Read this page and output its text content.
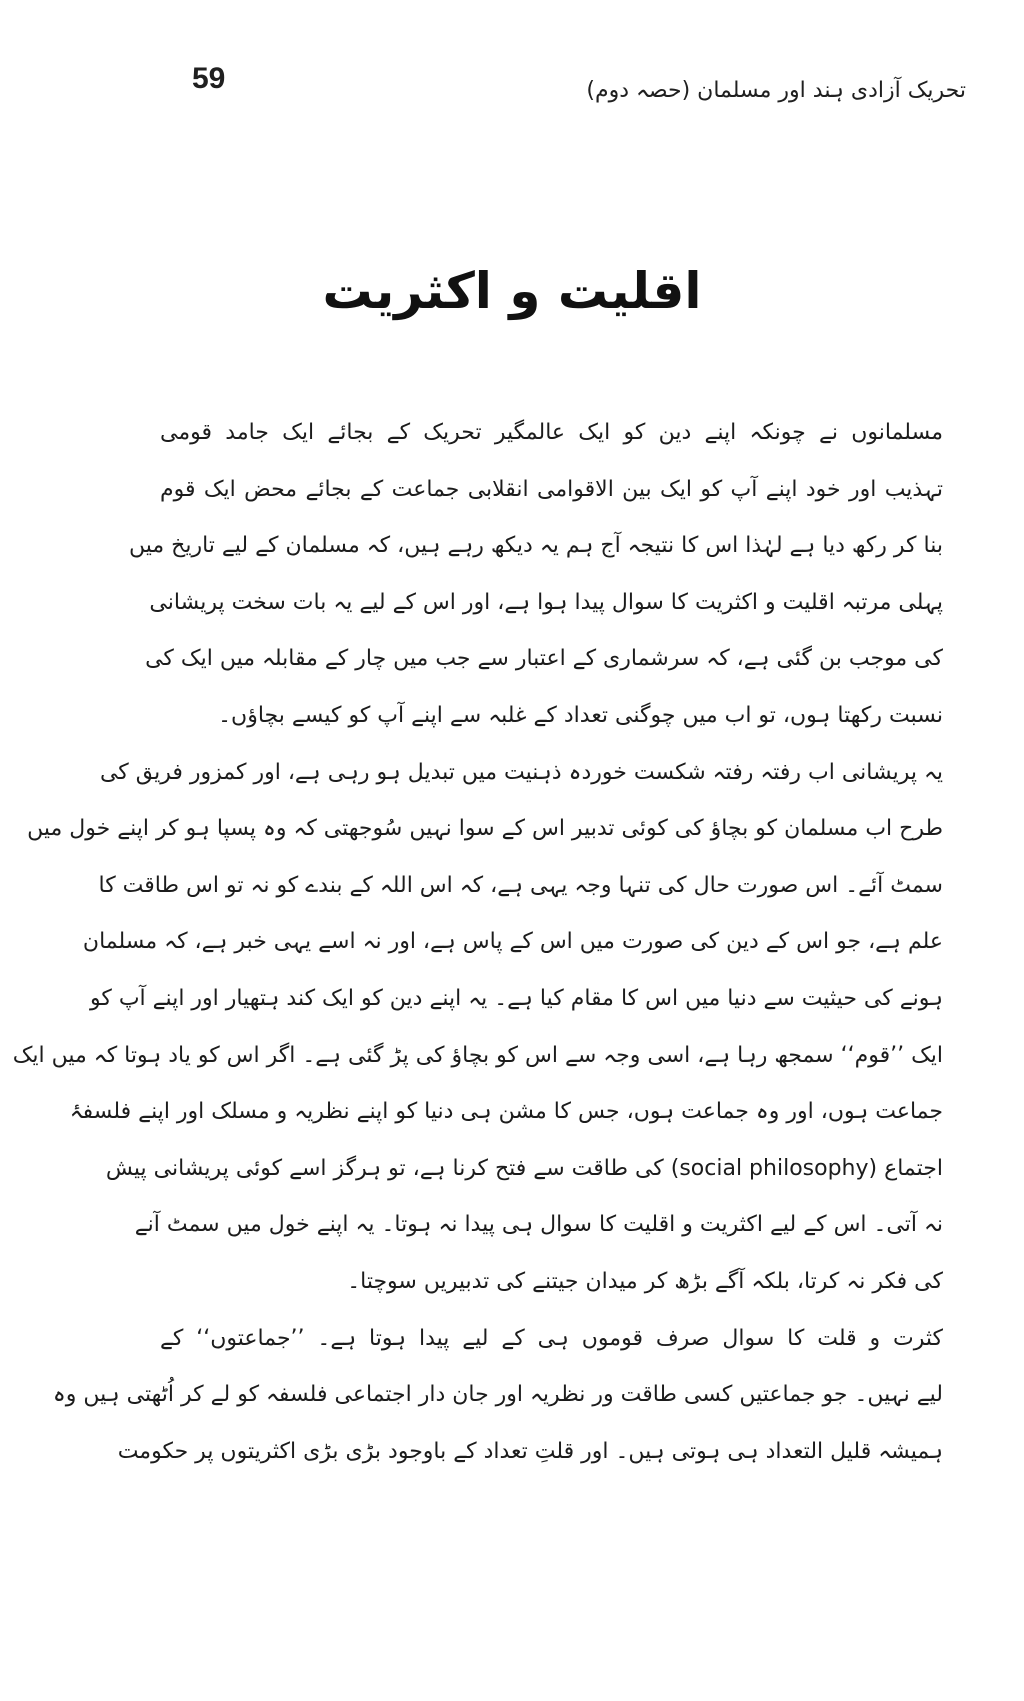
59	تحریک آزادی ہند اور مسلمان (حصہ دوم)
اقلیت و اکثریت
مسلمانوں نے چونکہ اپنے دین کو ایک عالمگیر تحریک کے بجائے ایک جامد قومی
تہذیب اور خود اپنے آپ کو ایک بین الاقوامی انقلابی جماعت کے بجائے محض ایک قوم
بنا کر رکھ دیا ہے لہٰذا اس کا نتیجہ آج ہم یہ دیکھ رہے ہیں، کہ مسلمان کے لیے تاریخ میں
پہلی مرتبہ اقلیت و اکثریت کا سوال پیدا ہوا ہے، اور اس کے لیے یہ بات سخت پریشانی
کی موجب بن گئی ہے، کہ سرشماری کے اعتبار سے جب میں چار کے مقابلہ میں ایک کی
نسبت رکھتا ہوں، تو اب میں چوگنی تعداد کے غلبہ سے اپنے آپ کو کیسے بچاؤں۔
یہ پریشانی اب رفتہ رفتہ شکست خوردہ ذہنیت میں تبدیل ہو رہی ہے، اور کمزور فریق کی
طرح اب مسلمان کو بچاؤ کی کوئی تدبیر اس کے سوا نہیں سُوجھتی کہ وہ پسپا ہو کر اپنے خول میں
سمٹ آئے۔ اس صورت حال کی تنہا وجہ یہی ہے، کہ اس اللہ کے بندے کو نہ تو اس طاقت کا
علم ہے، جو اس کے دین کی صورت میں اس کے پاس ہے، اور نہ اسے یہی خبر ہے، کہ مسلمان
ہونے کی حیثیت سے دنیا میں اس کا مقام کیا ہے۔ یہ اپنے دین کو ایک کند ہتھیار اور اپنے آپ کو
ایک ’’قوم‘‘ سمجھ رہا ہے، اسی وجہ سے اس کو بچاؤ کی پڑ گئی ہے۔ اگر اس کو یاد ہوتا کہ میں ایک
جماعت ہوں، اور وہ جماعت ہوں، جس کا مشن ہی دنیا کو اپنے نظریہ و مسلک اور اپنے فلسفۂ
اجتماع (social philosophy) کی طاقت سے فتح کرنا ہے، تو ہرگز اسے کوئی پریشانی پیش
نہ آتی۔ اس کے لیے اکثریت و اقلیت کا سوال ہی پیدا نہ ہوتا۔ یہ اپنے خول میں سمٹ آنے
کی فکر نہ کرتا، بلکہ آگے بڑھ کر میدان جیتنے کی تدبیریں سوچتا۔
کثرت و قلت کا سوال صرف قوموں ہی کے لیے پیدا ہوتا ہے۔ ’’جماعتوں‘‘ کے
لیے نہیں۔ جو جماعتیں کسی طاقت ور نظریہ اور جان دار اجتماعی فلسفہ کو لے کر اُٹھتی ہیں وہ
ہمیشہ قلیل التعداد ہی ہوتی ہیں۔ اور قلتِ تعداد کے باوجود بڑی بڑی اکثریتوں پر حکومت
